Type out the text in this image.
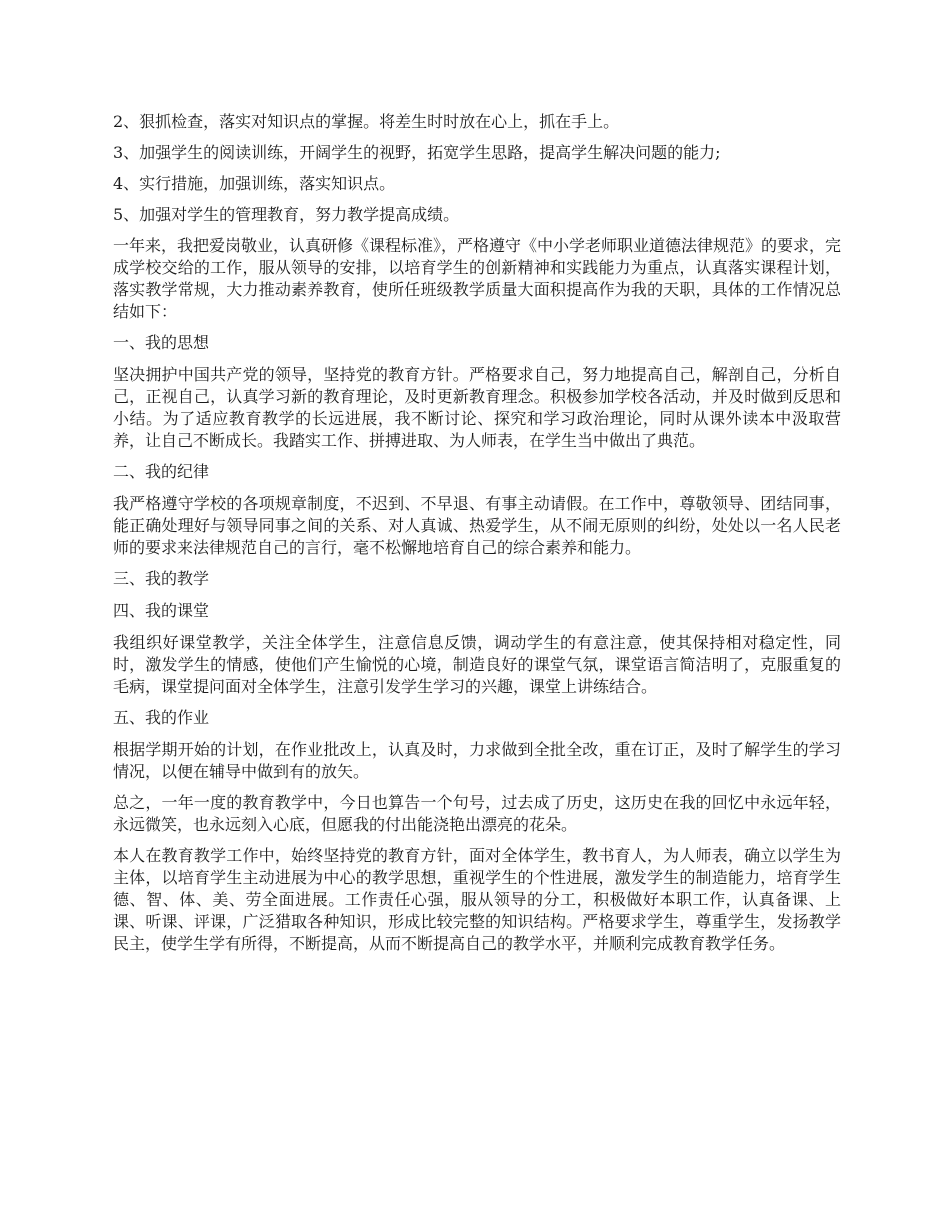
2、狠抓检查，落实对知识点的掌握。将差生时时放在心上，抓在手上。

3、加强学生的阅读训练，开阔学生的视野，拓宽学生思路，提高学生解决问题的能力;

4、实行措施，加强训练，落实知识点。

5、加强对学生的管理教育，努力教学提高成绩。

一年来，我把爱岗敬业，认真研修《课程标准》，严格遵守《中小学老师职业道德法律规范》的要求，完成学校交给的工作，服从领导的安排，以培育学生的创新精神和实践能力为重点，认真落实课程计划，落实教学常规，大力推动素养教育，使所任班级教学质量大面积提高作为我的天职，具体的工作情况总结如下：

一、我的思想

坚决拥护中国共产党的领导，坚持党的教育方针。严格要求自己，努力地提高自己，解剖自己，分析自己，正视自己，认真学习新的教育理论，及时更新教育理念。积极参加学校各活动，并及时做到反思和小结。为了适应教育教学的长远进展，我不断讨论、探究和学习政治理论，同时从课外读本中汲取营养，让自己不断成长。我踏实工作、拼搏进取、为人师表，在学生当中做出了典范。

二、我的纪律

我严格遵守学校的各项规章制度，不迟到、不早退、有事主动请假。在工作中，尊敬领导、团结同事，能正确处理好与领导同事之间的关系、对人真诚、热爱学生，从不闹无原则的纠纷，处处以一名人民老师的要求来法律规范自己的言行，毫不松懈地培育自己的综合素养和能力。

三、我的教学

四、我的课堂

我组织好课堂教学，关注全体学生，注意信息反馈，调动学生的有意注意，使其保持相对稳定性，同时，激发学生的情感，使他们产生愉悦的心境，制造良好的课堂气氛，课堂语言简洁明了，克服重复的毛病，课堂提问面对全体学生，注意引发学生学习的兴趣，课堂上讲练结合。

五、我的作业

根据学期开始的计划，在作业批改上，认真及时，力求做到全批全改，重在订正，及时了解学生的学习情况，以便在辅导中做到有的放矢。

总之，一年一度的教育教学中，今日也算告一个句号，过去成了历史，这历史在我的回忆中永远年轻，永远微笑，也永远刻入心底，但愿我的付出能浇艳出漂亮的花朵。

本人在教育教学工作中，始终坚持党的教育方针，面对全体学生，教书育人，为人师表，确立以学生为主体，以培育学生主动进展为中心的教学思想，重视学生的个性进展，激发学生的制造能力，培育学生德、智、体、美、劳全面进展。工作责任心强，服从领导的分工，积极做好本职工作，认真备课、上课、听课、评课，广泛猎取各种知识，形成比较完整的知识结构。严格要求学生，尊重学生，发扬教学民主，使学生学有所得，不断提高，从而不断提高自己的教学水平，并顺利完成教育教学任务。
